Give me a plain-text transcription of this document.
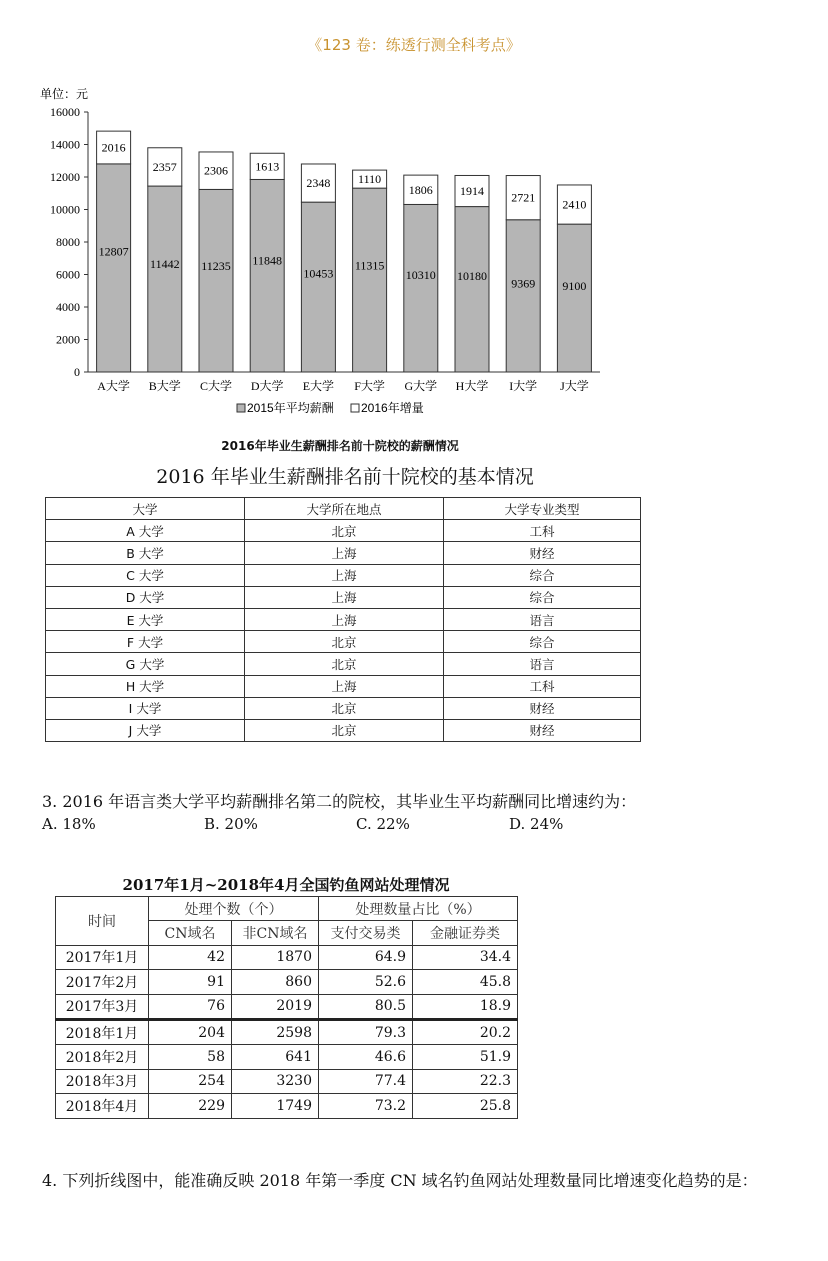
《123 卷：练透行测全科考点》
单位：元
0
2000
4000
6000
8000
10000
12000
14000
16000
12807
2016
A大学
11442
2357
B大学
11235
2306
C大学
11848
1613
D大学
10453
2348
E大学
11315
1110
F大学
10310
1806
G大学
10180
1914
H大学
9369
2721
I大学
9100
2410
J大学
2015年平均薪酬 2016年增量
2016年毕业生薪酬排名前十院校的薪酬情况
2016 年毕业生薪酬排名前十院校的基本情况
大学	大学所在地点	大学专业类型
A 大学	北京	工科
B 大学	上海	财经
C 大学	上海	综合
D 大学	上海	综合
E 大学	上海	语言
F 大学	北京	综合
G 大学	北京	语言
H 大学	上海	工科
I 大学	北京	财经
J 大学	北京	财经
3. 2016 年语言类大学平均薪酬排名第二的院校，其毕业生平均薪酬同比增速约为：
A. 18%	B. 20%	C. 22%	D. 24%
2017年1月~2018年4月全国钓鱼网站处理情况
时间	处理个数（个）		处理数量占比（%）	
	CN域名	非CN域名	支付交易类	金融证券类
2017年1月	42	1870	64.9	34.4
2017年2月	91	860	52.6	45.8
2017年3月	76	2019	80.5	18.9
2018年1月	204	2598	79.3	20.2
2018年2月	58	641	46.6	51.9
2018年3月	254	3230	77.4	22.3
2018年4月	229	1749	73.2	25.8
4. 下列折线图中，能准确反映 2018 年第一季度 CN 域名钓鱼网站处理数量同比增速变化趋势的是：
